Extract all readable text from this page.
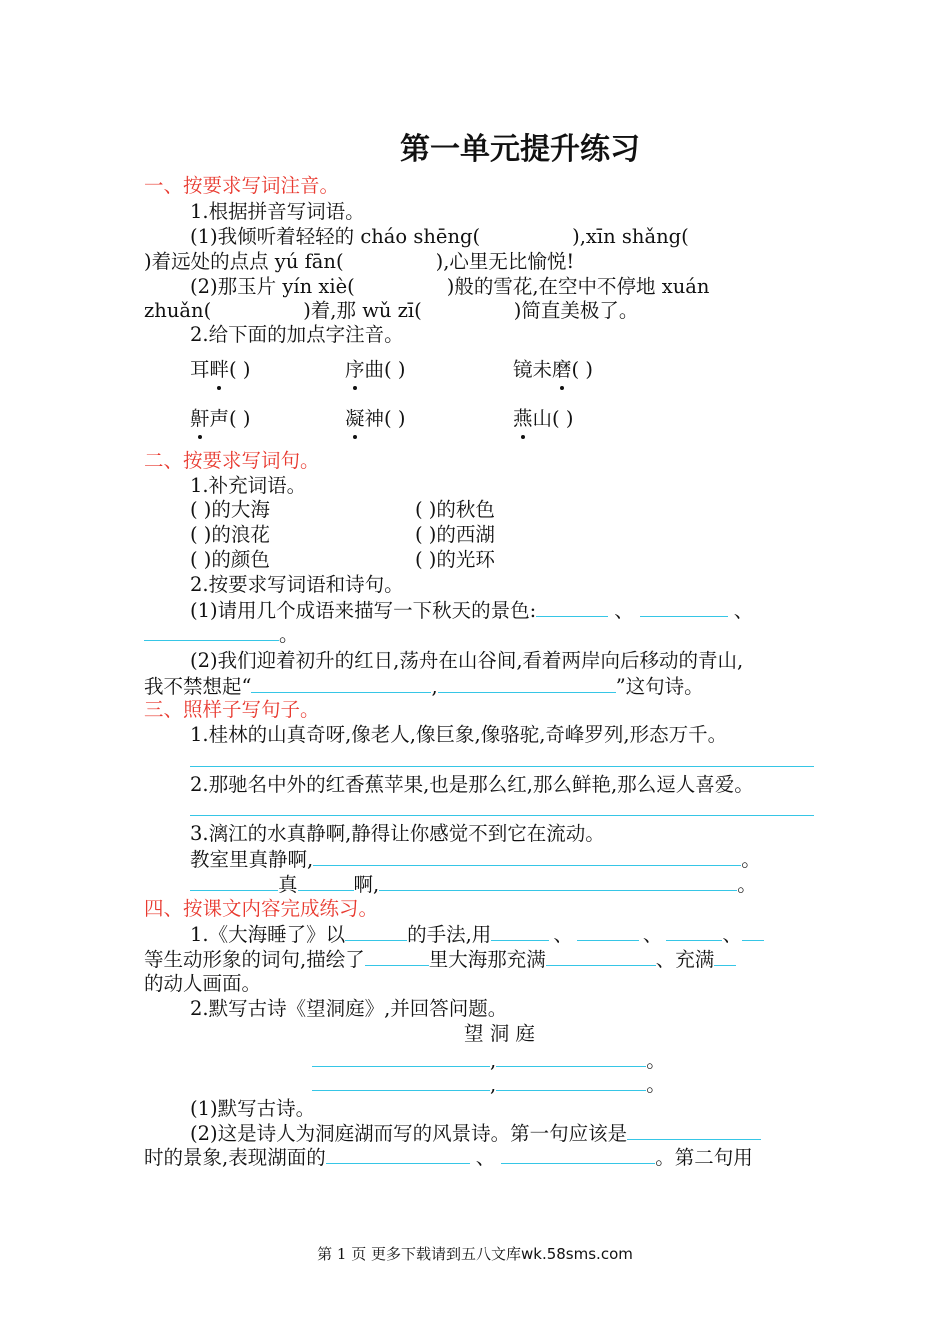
第一单元提升练习
一、按要求写词注音。
1.根据拼音写词语。
(1)我倾听着轻轻的 cháo shēng(	),xīn shǎng(
)着远处的点点 yú fān(	),心里无比愉悦!
(2)那玉片 yín xiè(	)般的雪花,在空中不停地 xuán
zhuǎn(	)着,那 wǔ zī(	)简直美极了。
2.给下面的加点字注音。
耳畔( )	序曲( )	镜未磨( )
鼾声( )	凝神( )	燕山( )
二、按要求写词句。
1.补充词语。
( )的大海	( )的秋色
( )的浪花	( )的西湖
( )的颜色	( )的光环
2.按要求写词语和诗句。
(1)请用几个成语来描写一下秋天的景色:	、	、
。
(2)我们迎着初升的红日,荡舟在山谷间,看着两岸向后移动的青山,
我不禁想起“	,	”这句诗。
三、照样子写句子。
1.桂林的山真奇呀,像老人,像巨象,像骆驼,奇峰罗列,形态万千。
2.那驰名中外的红香蕉苹果,也是那么红,那么鲜艳,那么逗人喜爱。
3.漓江的水真静啊,静得让你感觉不到它在流动。
教室里真静啊,	。
真	啊,	。
四、按课文内容完成练习。
1.《大海睡了》以	的手法,用	、	、	、
等生动形象的词句,描绘了	里大海那充满	、充满
的动人画面。
2.默写古诗《望洞庭》,并回答问题。
望 洞 庭
,	。
,	。
(1)默写古诗。
(2)这是诗人为洞庭湖而写的风景诗。第一句应该是
时的景象,表现湖面的	、	。第二句用
第 1 页 更多下载请到五八文库wk.58sms.com
